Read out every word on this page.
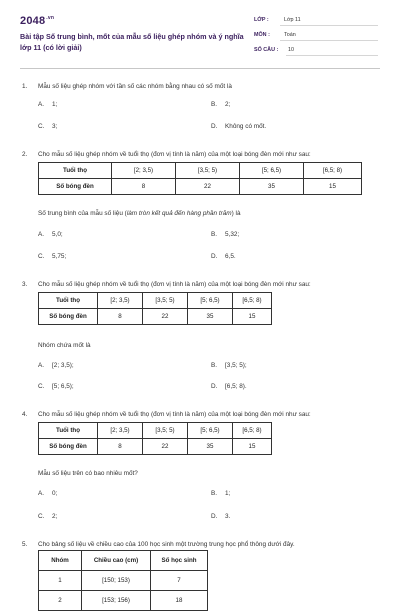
$2048^{.vn}$
Bài tập Số trung bình, mốt của mẫu số liệu ghép nhóm và ý nghĩa lớp 11 (có lời giải)
LỚP :	Lớp 11
MÔN :	Toán
SỐ CÂU : 10
1. Mẫu số liệu ghép nhóm với tần số các nhóm bằng nhau có số mốt là
A. 1;	B. 2;
C. 3;	D. Không có mốt.
2. Cho mẫu số liệu ghép nhóm về tuổi thọ (đơn vị tính là năm) của một loại bóng đèn mới như sau:
Tuổi thọ	[2; 3,5)	[3,5; 5)	[5; 6,5)	[6,5; 8)
Số bóng đèn	8	22	35	15
Số trung bình của mẫu số liệu (làm tròn kết quả đến hàng phần trăm) là
A. 5,0;	B. 5,32;
C. 5,75;	D. 6,5.
3. Cho mẫu số liệu ghép nhóm về tuổi thọ (đơn vị tính là năm) của một loại bóng đèn mới như sau:
Tuổi thọ	[2; 3,5)	[3,5; 5)	[5; 6,5)	[6,5; 8)
Số bóng đèn	8	22	35	15
Nhóm chứa mốt là
A. [2; 3,5);	B. [3,5; 5);
C. [5; 6,5);	D. [6,5; 8).
4. Cho mẫu số liệu ghép nhóm về tuổi thọ (đơn vị tính là năm) của một loại bóng đèn mới như sau:
Tuổi thọ	[2; 3,5)	[3,5; 5)	[5; 6,5)	[6,5; 8)
Số bóng đèn	8	22	35	15
Mẫu số liệu trên có bao nhiêu mốt?
A. 0;	B. 1;
C. 2;	D. 3.
5. Cho bảng số liệu về chiều cao của 100 học sinh một trường trung học phổ thông dưới đây.
Nhóm	Chiều cao (cm)	Số học sinh
1	[150; 153)	7
2	[153; 156)	18
